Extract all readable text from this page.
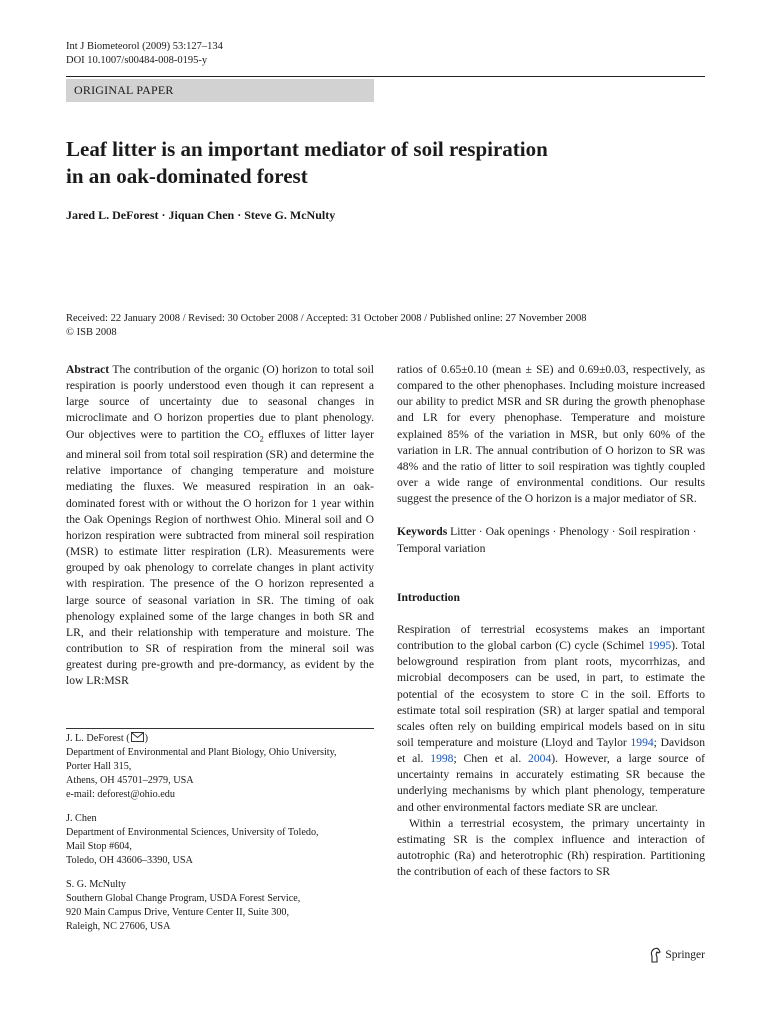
Int J Biometeorol (2009) 53:127–134
DOI 10.1007/s00484-008-0195-y
ORIGINAL PAPER
Leaf litter is an important mediator of soil respiration
in an oak-dominated forest
Jared L. DeForest · Jiquan Chen · Steve G. McNulty
Received: 22 January 2008 / Revised: 30 October 2008 / Accepted: 31 October 2008 / Published online: 27 November 2008
© ISB 2008

Abstract The contribution of the organic (O) horizon to total soil respiration is poorly understood even though it can represent a large source of uncertainty due to seasonal changes in microclimate and O horizon properties due to plant phenology. Our objectives were to partition the $CO_2$ effluxes of litter layer and mineral soil from total soil respiration (SR) and determine the relative importance of changing temperature and moisture mediating the fluxes. We measured respiration in an oak-dominated forest with or without the O horizon for 1 year within the Oak Openings Region of northwest Ohio. Mineral soil and O horizon respiration were subtracted from mineral soil respiration (MSR) to estimate litter respiration (LR). Measurements were grouped by oak phenology to correlate changes in plant activity with respiration. The presence of the O horizon represented a large source of seasonal variation in SR. The timing of oak phenology explained some of the large changes in both SR and LR, and their relationship with temperature and moisture. The contribution to SR of respiration from the mineral soil was greatest during pre-growth and pre-dormancy, as evident by the low LR:MSR

ratios of 0.65±0.10 (mean ± SE) and 0.69±0.03, respectively, as compared to the other phenophases. Including moisture increased our ability to predict MSR and SR during the growth phenophase and LR for every phenophase. Temperature and moisture explained 85% of the variation in MSR, but only 60% of the variation in LR. The annual contribution of O horizon to SR was 48% and the ratio of litter to soil respiration was tightly coupled over a wide range of environmental conditions. Our results suggest the presence of the O horizon is a major mediator of SR.

Keywords Litter · Oak openings · Phenology · Soil respiration · Temporal variation

Introduction

Respiration of terrestrial ecosystems makes an important contribution to the global carbon (C) cycle (Schimel 1995). Total belowground respiration from plant roots, mycorrhizas, and microbial decomposers can be used, in part, to estimate the potential of the ecosystem to store C in the soil. Efforts to estimate total soil respiration (SR) at larger spatial and temporal scales often rely on building empirical models based on in situ soil temperature and moisture (Lloyd and Taylor 1994; Davidson et al. 1998; Chen et al. 2004). However, a large source of uncertainty remains in accurately estimating SR because the underlying mechanisms by which plant phenology, temperature and other environmental factors mediate SR are unclear.

Within a terrestrial ecosystem, the primary uncertainty in estimating SR is the complex influence and interaction of autotrophic (Ra) and heterotrophic (Rh) respiration. Partitioning the contribution of each of these factors to SR

J. L. DeForest ( )
Department of Environmental and Plant Biology, Ohio University,
Porter Hall 315,
Athens, OH 45701–2979, USA
e-mail: deforest@ohio.edu
J. Chen
Department of Environmental Sciences, University of Toledo,
Mail Stop #604,
Toledo, OH 43606–3390, USA
S. G. McNulty
Southern Global Change Program, USDA Forest Service,
920 Main Campus Drive, Venture Center II, Suite 300,
Raleigh, NC 27606, USA
Springer
